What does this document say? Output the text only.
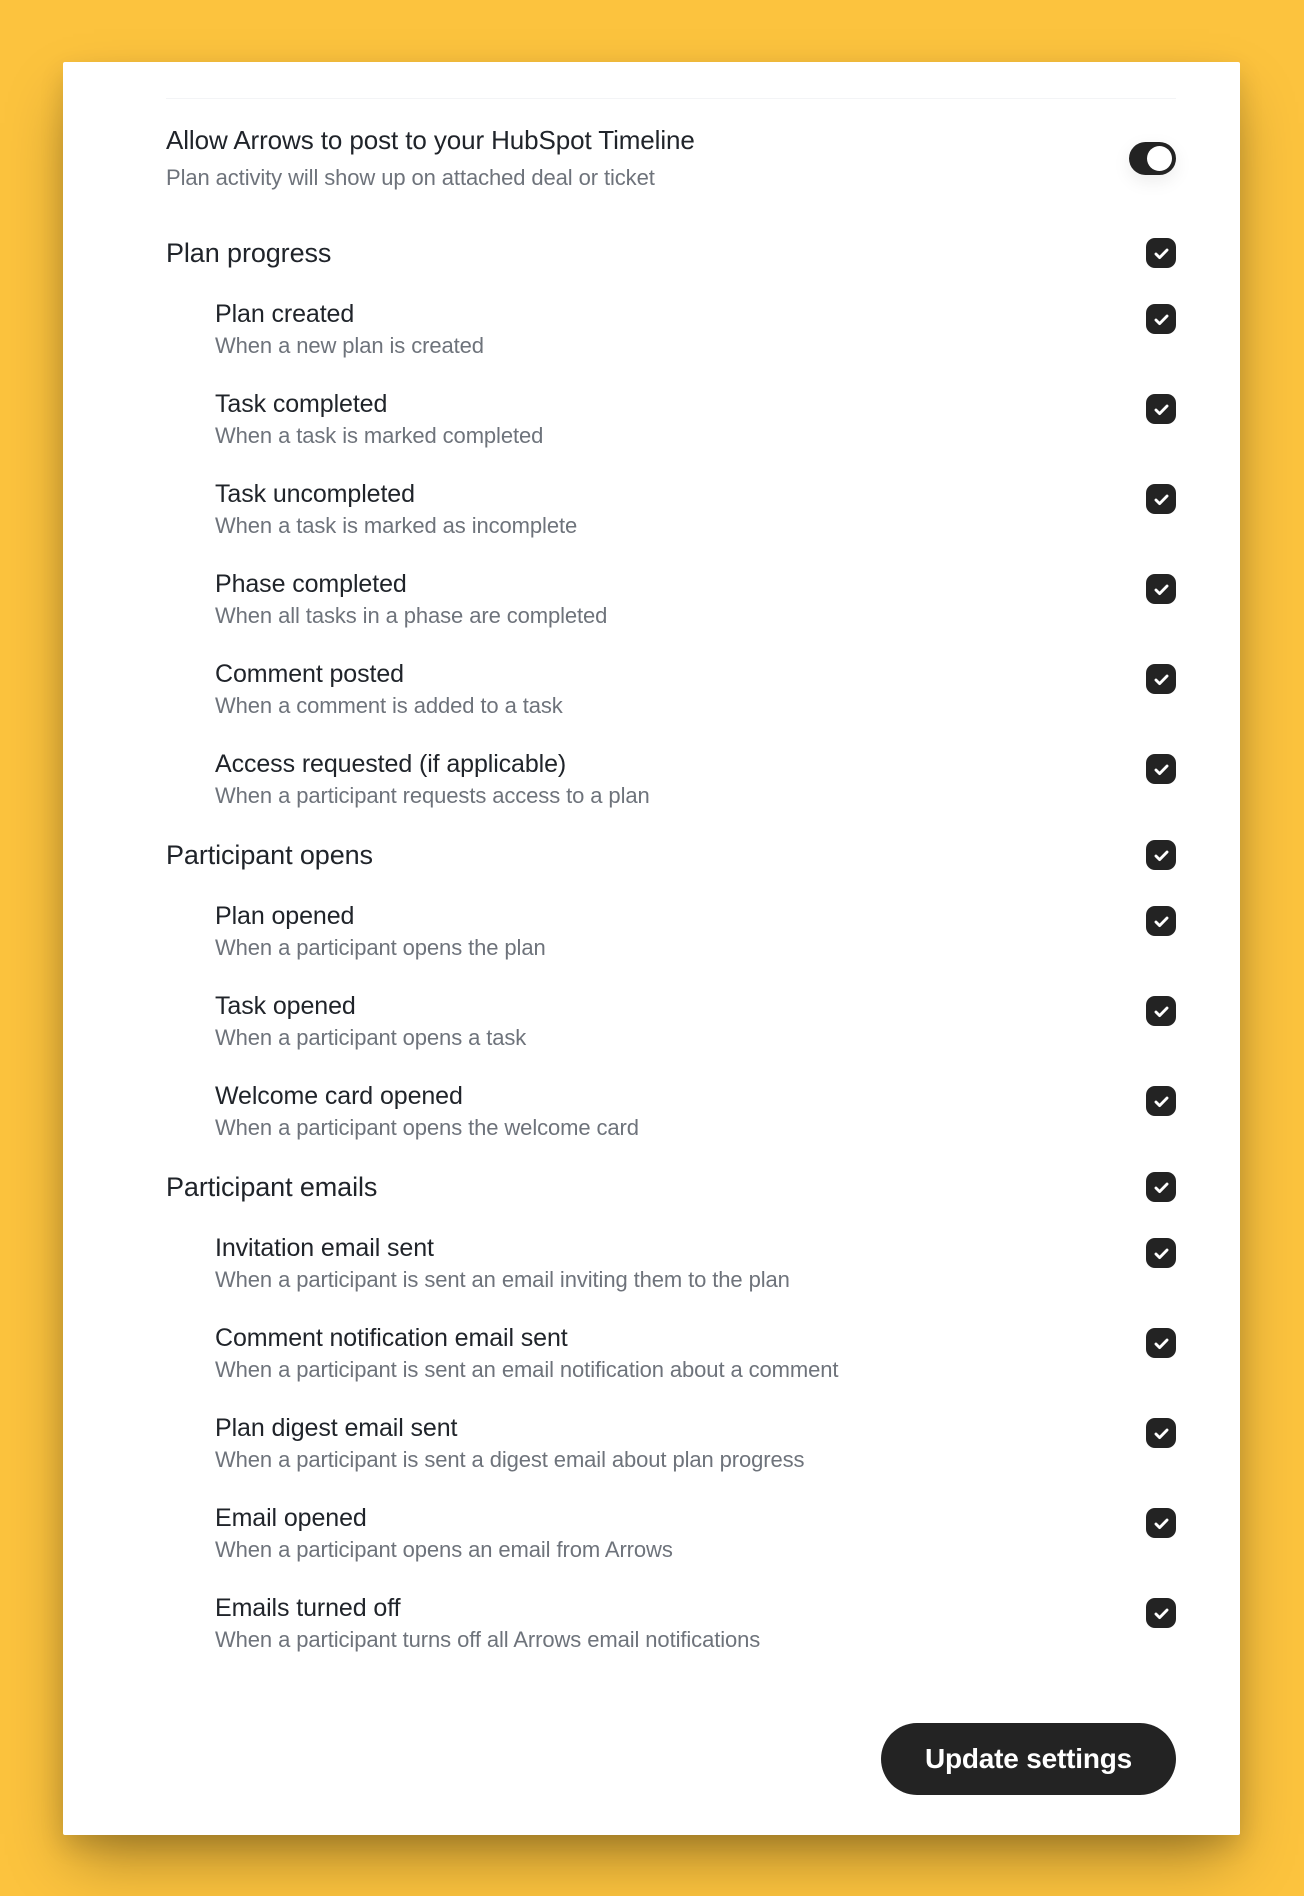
Allow Arrows to post to your HubSpot Timeline
Plan activity will show up on attached deal or ticket
Plan progress
Plan created
When a new plan is created
Task completed
When a task is marked completed
Task uncompleted
When a task is marked as incomplete
Phase completed
When all tasks in a phase are completed
Comment posted
When a comment is added to a task
Access requested (if applicable)
When a participant requests access to a plan
Participant opens
Plan opened
When a participant opens the plan
Task opened
When a participant opens a task
Welcome card opened
When a participant opens the welcome card
Participant emails
Invitation email sent
When a participant is sent an email inviting them to the plan
Comment notification email sent
When a participant is sent an email notification about a comment
Plan digest email sent
When a participant is sent a digest email about plan progress
Email opened
When a participant opens an email from Arrows
Emails turned off
When a participant turns off all Arrows email notifications
Update settings
